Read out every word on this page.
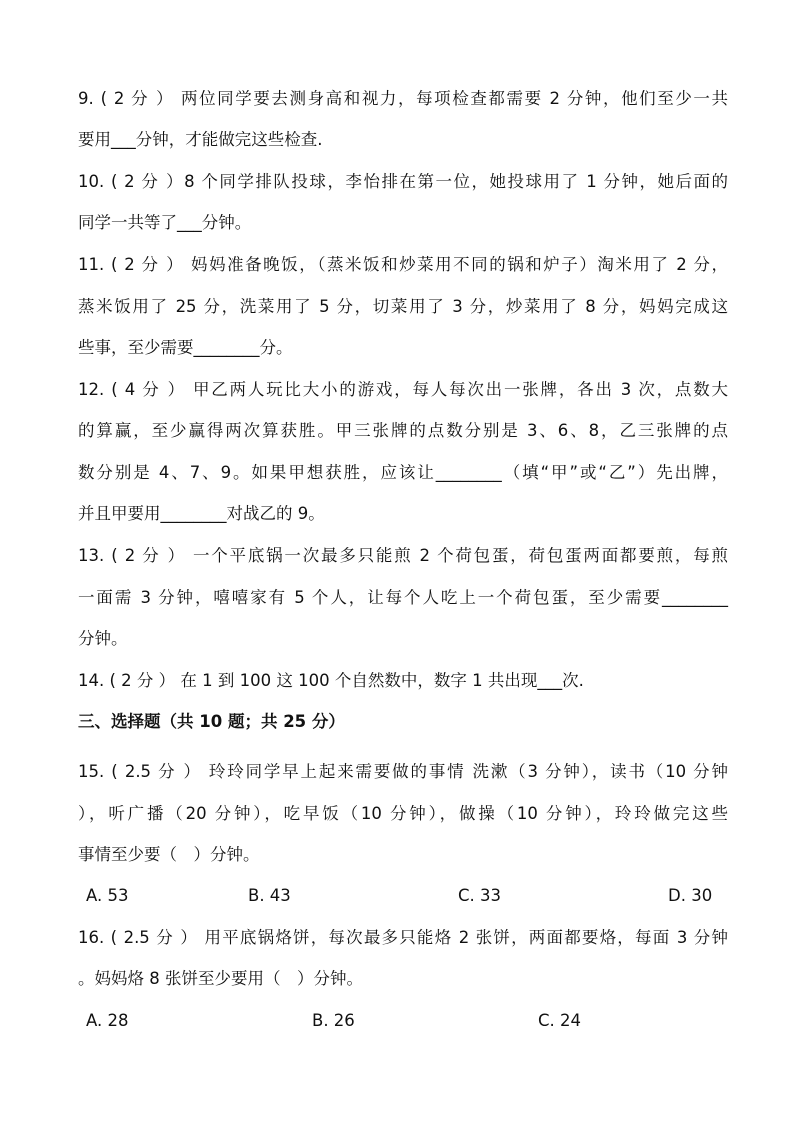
9. ( 2 分 ） 两位同学要去测身高和视力，每项检查都需要 2 分钟，他们至少一共
要用___分钟，才能做完这些检查.
10. ( 2 分 ）8 个同学排队投球，李怡排在第一位，她投球用了 1 分钟，她后面的
同学一共等了___分钟。
11. ( 2 分 ） 妈妈准备晚饭，（蒸米饭和炒菜用不同的锅和炉子）淘米用了 2 分，
蒸米饭用了 25 分，洗菜用了 5 分，切菜用了 3 分，炒菜用了 8 分，妈妈完成这
些事，至少需要________分。
12. ( 4 分 ） 甲乙两人玩比大小的游戏，每人每次出一张牌，各出 3 次，点数大
的算赢，至少赢得两次算获胜。甲三张牌的点数分别是 3、6、8，乙三张牌的点
数分别是 4、7、9。如果甲想获胜，应该让________（填“甲”或“乙”）先出牌，
并且甲要用________对战乙的 9。
13. ( 2 分 ） 一个平底锅一次最多只能煎 2 个荷包蛋，荷包蛋两面都要煎，每煎
一面需 3 分钟，嘻嘻家有 5 个人，让每个人吃上一个荷包蛋，至少需要________
分钟。
14. ( 2 分 ） 在 1 到 100 这 100 个自然数中，数字 1 共出现___次.
三、选择题（共 10 题；共 25 分）
15. ( 2.5 分 ） 玲玲同学早上起来需要做的事情 洗漱（3 分钟），读书（10 分钟
），听广播（20 分钟），吃早饭（10 分钟），做操（10 分钟），玲玲做完这些
事情至少要（　）分钟。
A. 53	B. 43	C. 33	D. 30
16. ( 2.5 分 ） 用平底锅烙饼，每次最多只能烙 2 张饼，两面都要烙，每面 3 分钟
。妈妈烙 8 张饼至少要用（　）分钟。
A. 28	B. 26	C. 24
